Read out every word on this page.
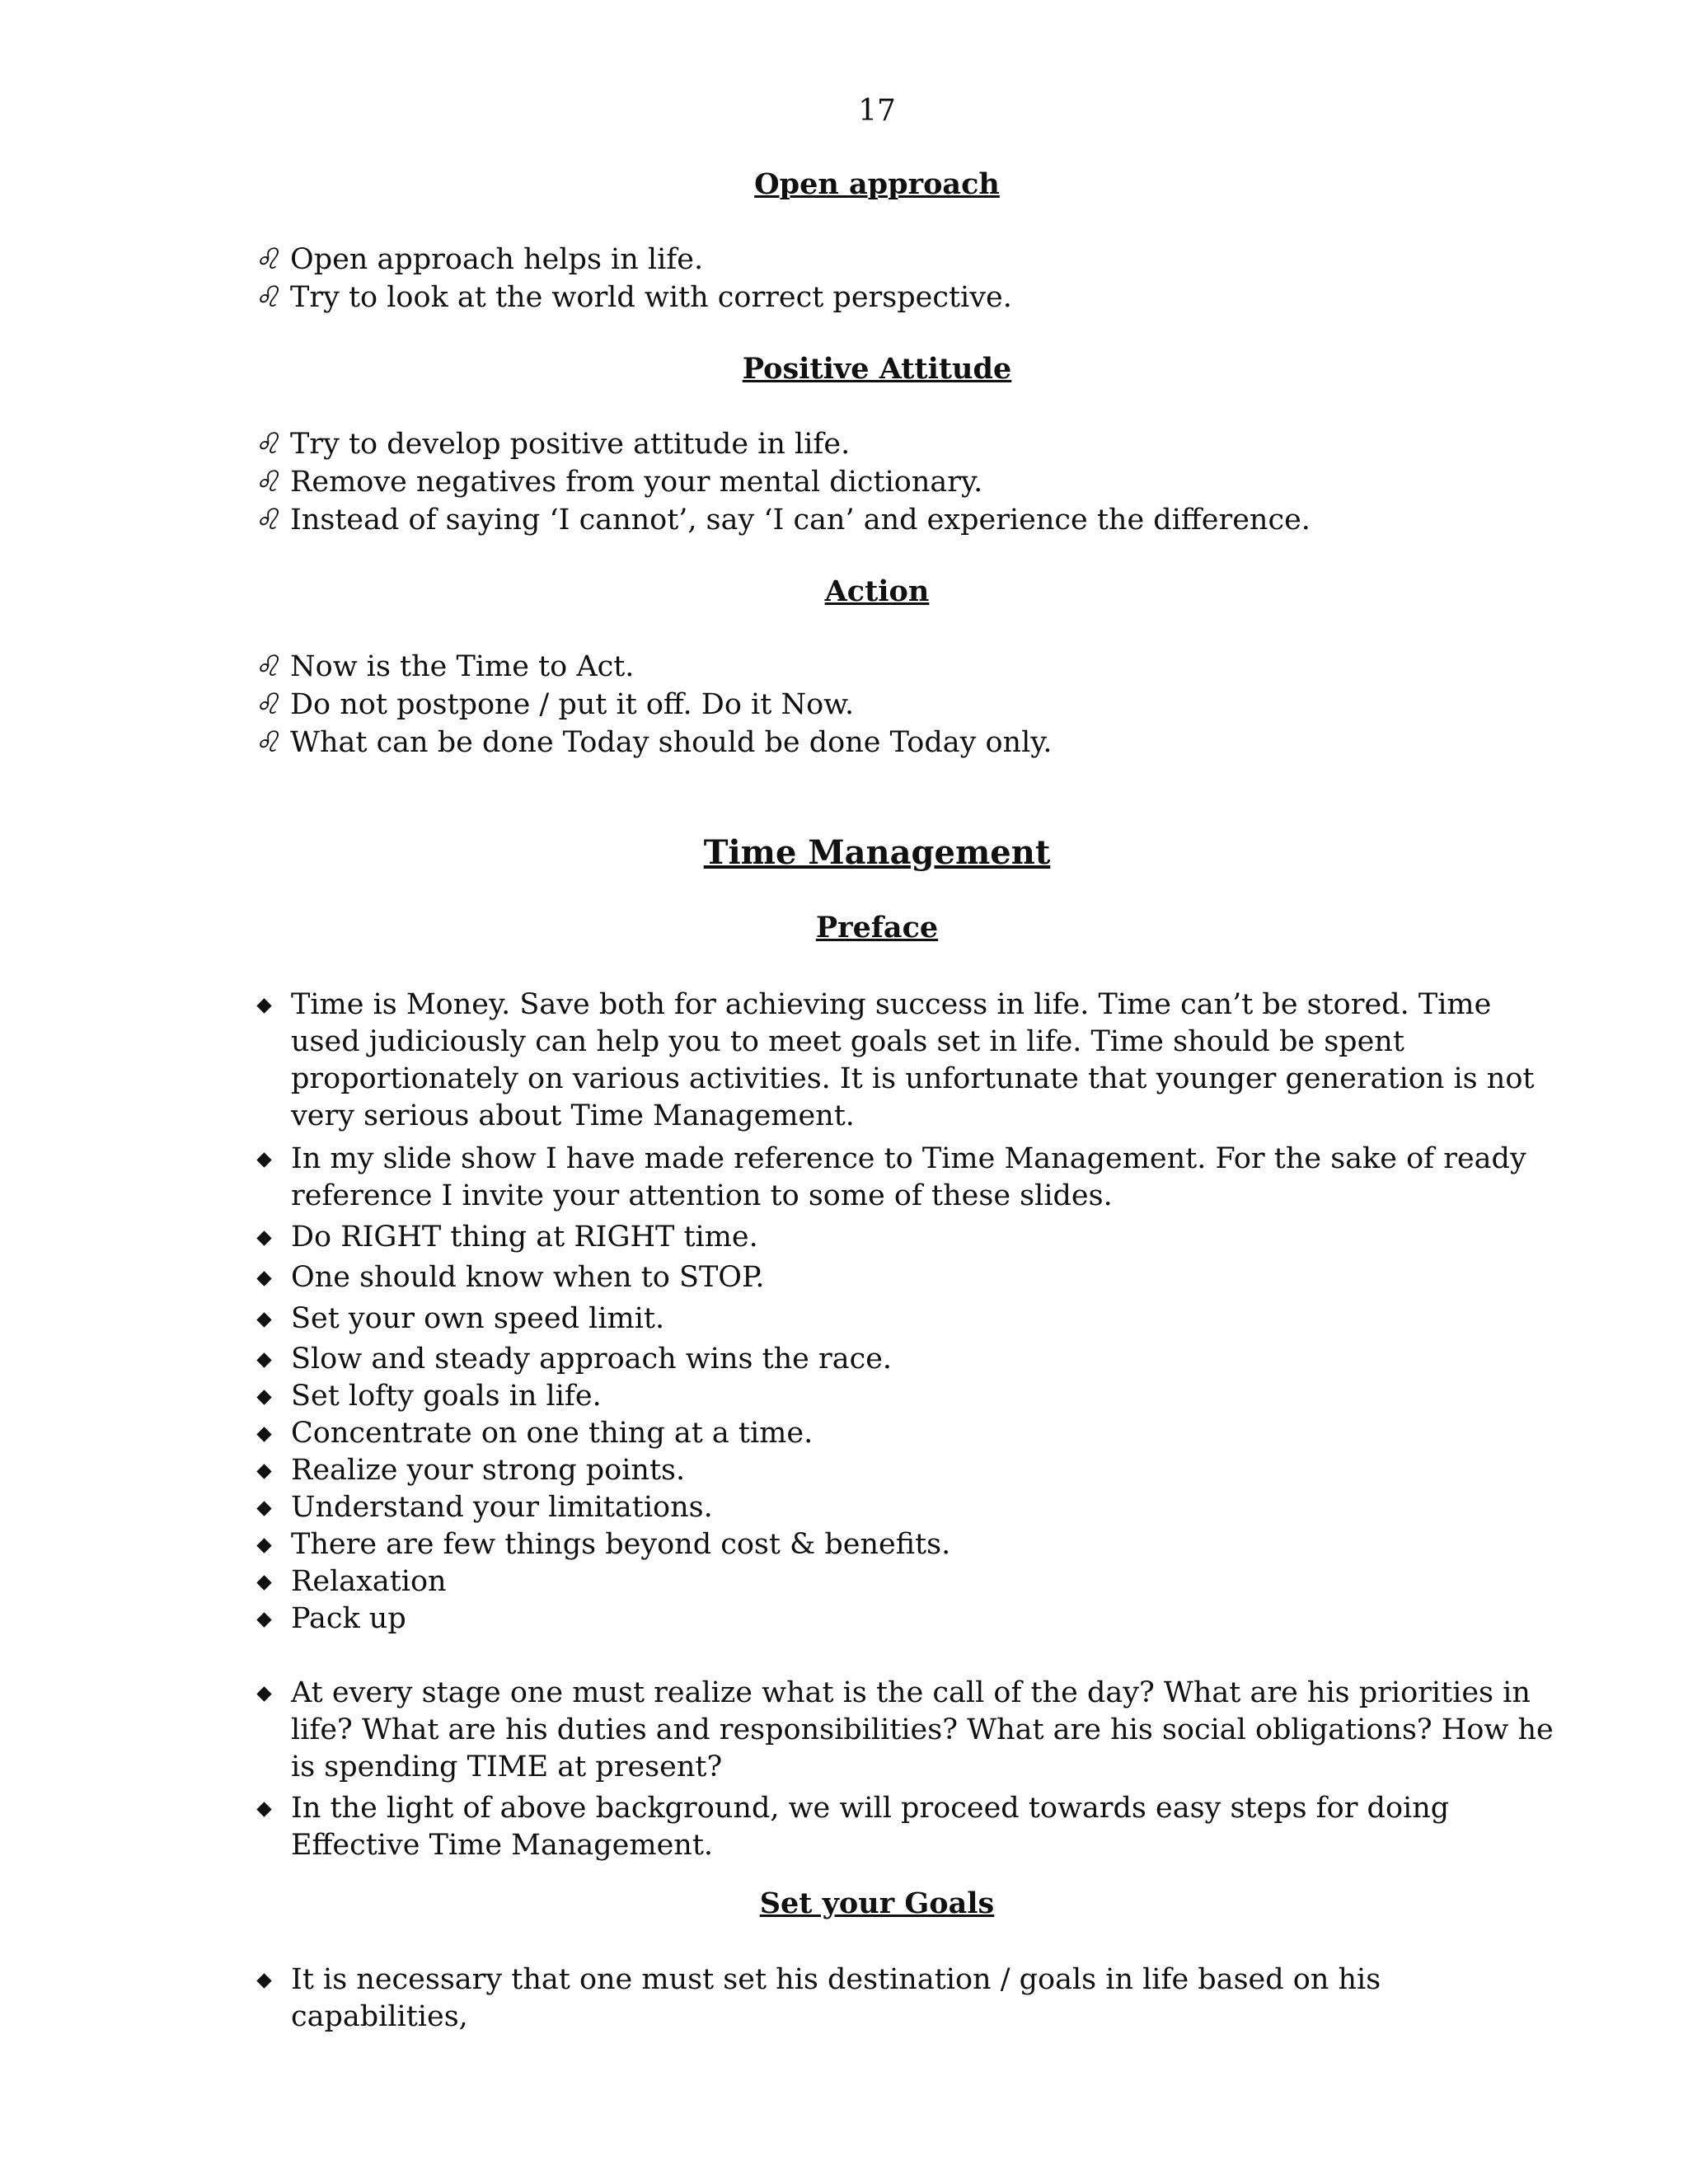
17
Open approach
♌︎ Open approach helps in life.
♌︎ Try to look at the world with correct perspective.
Positive Attitude
♌︎ Try to develop positive attitude in life.
♌︎ Remove negatives from your mental dictionary.
♌︎ Instead of saying ‘I cannot’, say ‘I can’ and experience the difference.
Action
♌︎ Now is the Time to Act.
♌︎ Do not postpone / put it off. Do it Now.
♌︎ What can be done Today should be done Today only.
Time Management
Preface
Time is Money. Save both for achieving success in life. Time can’t be stored. Time used judiciously can help you to meet goals set in life. Time should be spent proportionately on various activities. It is unfortunate that younger generation is not very serious about Time Management.
In my slide show I have made reference to Time Management. For the sake of ready reference I invite your attention to some of these slides.
Do RIGHT thing at RIGHT time.
One should know when to STOP.
Set your own speed limit.
Slow and steady approach wins the race.
Set lofty goals in life.
Concentrate on one thing at a time.
Realize your strong points.
Understand your limitations.
There are few things beyond cost & benefits.
Relaxation
Pack up
At every stage one must realize what is the call of the day? What are his priorities in life? What are his duties and responsibilities? What are his social obligations? How he is spending TIME at present?
In the light of above background, we will proceed towards easy steps for doing Effective Time Management.
Set your Goals
It is necessary that one must set his destination / goals in life based on his capabilities,
